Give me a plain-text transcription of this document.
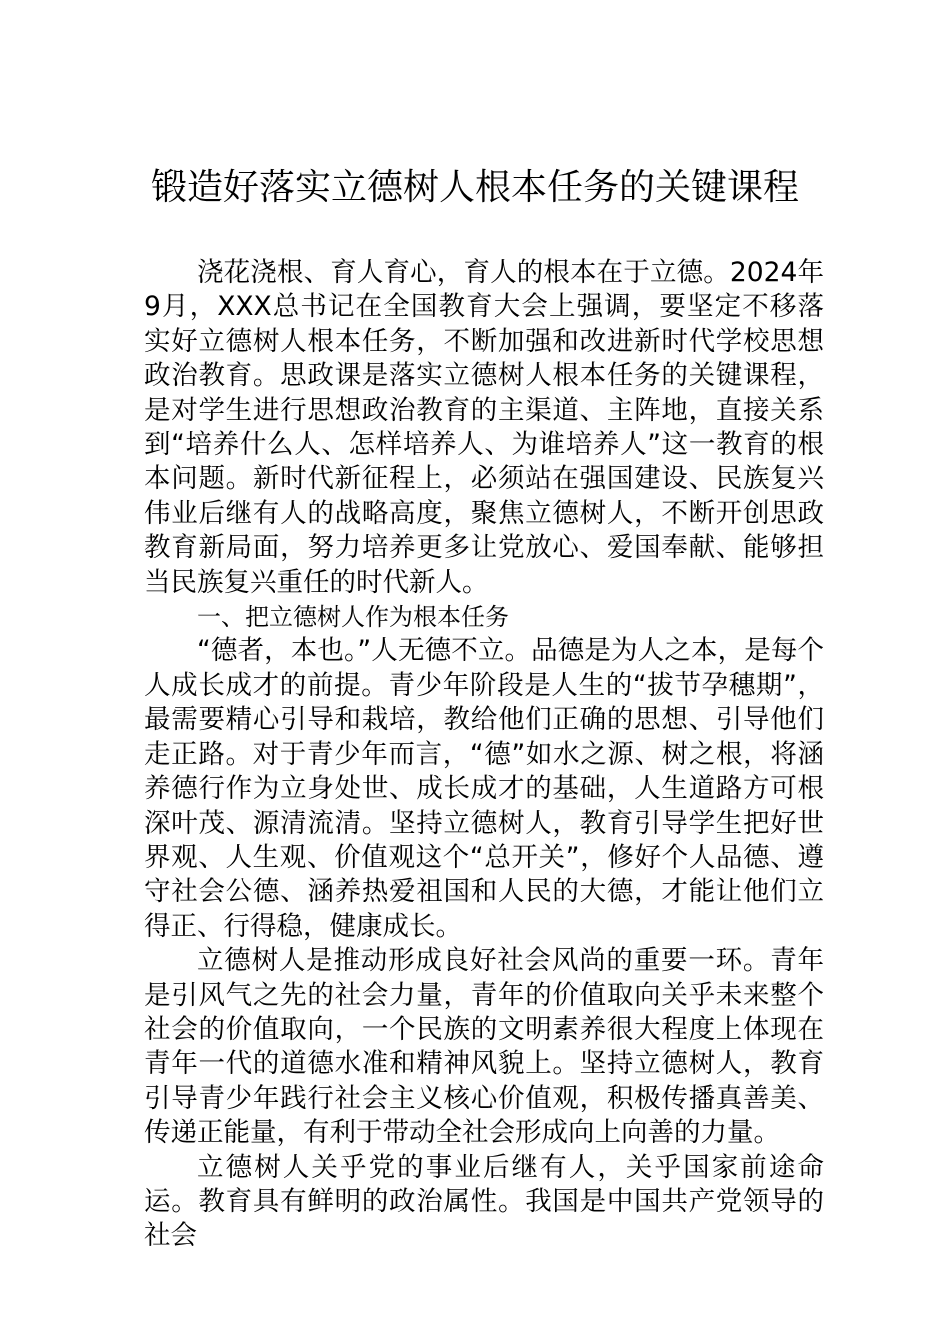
锻造好落实立德树人根本任务的关键课程

浇花浇根、育人育心，育人的根本在于立德。2024年9月，XXX总书记在全国教育大会上强调，要坚定不移落实好立德树人根本任务，不断加强和改进新时代学校思想政治教育。思政课是落实立德树人根本任务的关键课程，是对学生进行思想政治教育的主渠道、主阵地，直接关系到“培养什么人、怎样培养人、为谁培养人”这一教育的根本问题。新时代新征程上，必须站在强国建设、民族复兴伟业后继有人的战略高度，聚焦立德树人，不断开创思政教育新局面，努力培养更多让党放心、爱国奉献、能够担当民族复兴重任的时代新人。

一、把立德树人作为根本任务

“德者，本也。”人无德不立。品德是为人之本，是每个人成长成才的前提。青少年阶段是人生的“拔节孕穗期”，最需要精心引导和栽培，教给他们正确的思想、引导他们走正路。对于青少年而言，“德”如水之源、树之根，将涵养德行作为立身处世、成长成才的基础，人生道路方可根深叶茂、源清流清。坚持立德树人，教育引导学生把好世界观、人生观、价值观这个“总开关”，修好个人品德、遵守社会公德、涵养热爱祖国和人民的大德，才能让他们立得正、行得稳，健康成长。

立德树人是推动形成良好社会风尚的重要一环。青年是引风气之先的社会力量，青年的价值取向关乎未来整个社会的价值取向，一个民族的文明素养很大程度上体现在青年一代的道德水准和精神风貌上。坚持立德树人，教育引导青少年践行社会主义核心价值观，积极传播真善美、传递正能量，有利于带动全社会形成向上向善的力量。

立德树人关乎党的事业后继有人，关乎国家前途命运。教育具有鲜明的政治属性。我国是中国共产党领导的社会
